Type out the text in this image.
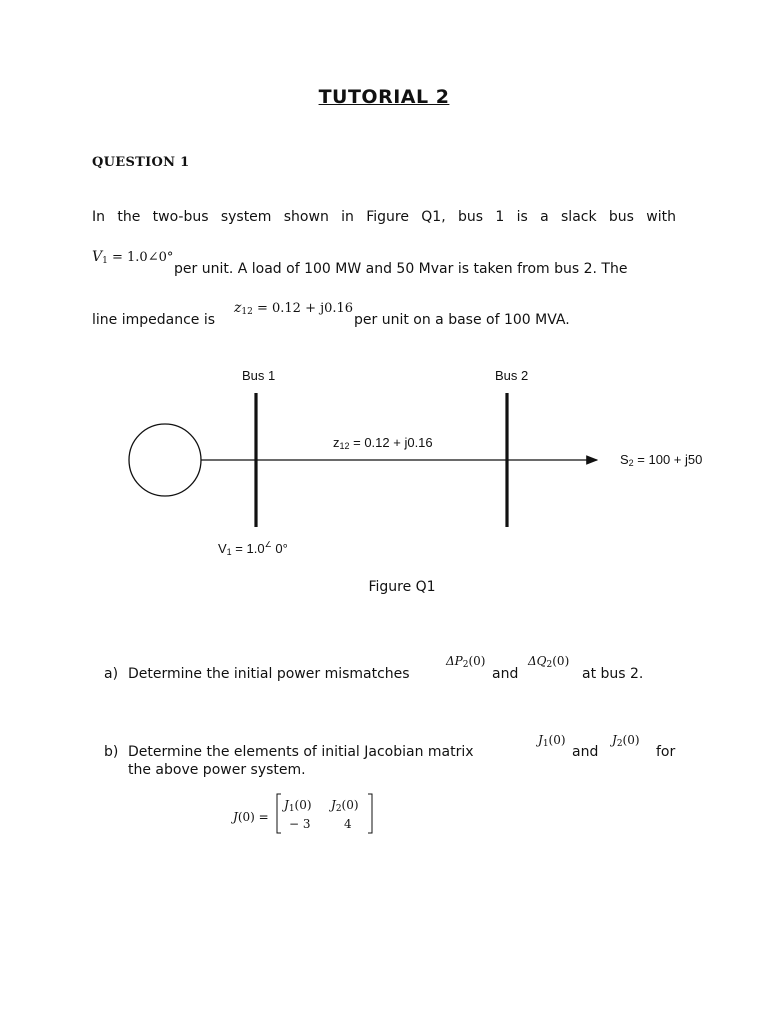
TUTORIAL 2
QUESTION 1
In the two-bus system shown in Figure Q1, bus 1 is a slack bus with
$V_1$ = 1.0∠0°
per unit. A load of 100 MW and 50 Mvar is taken from bus 2. The
$z_{12} = 0.12 + j0.16$
line impedance is	per unit on a base of 100 MVA.
Bus 1	Bus 2
$z_{12} = 0.12 + j0.16$
$S_2 = 100 + j50$
$V_1 = 1.0^\angle$ 0°
Figure Q1
a) Determine the initial power mismatches
$\Delta P_2(0)$
and
$\Delta Q_2(0)$
at bus 2.
b) Determine the elements of initial Jacobian matrix
$J_1(0)$
and
$J_2(0)$
for
the above power system.
J(0) =
$J_1(0)$ $J_2(0)$
− 3	4
